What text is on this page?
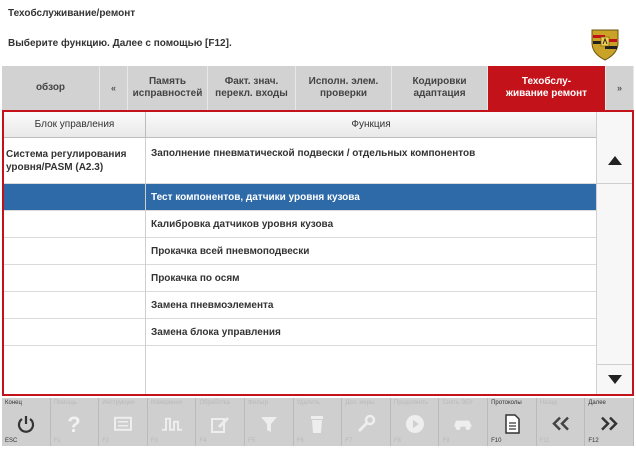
Техобслуживание/ремонт
Выберите функцию. Далее с помощью [F12].
обзор	«
Память
исправностей
Факт. знач.
перекл. входы
Исполн. элем.
проверки
Кодировки
адаптация
Техобслу-
живание ремонт
»
Блок управления	Функция
Заполнение пневматической подвески / отдельных компонентов
Тест компонентов, датчики уровня кузова
Калибровка датчиков уровня кузова
Прокачка всей пневмоподвески
Прокачка по осям
Замена пневмоэлемента
Замена блока управления
Система регулирования уровня/PASM (A2.3)
Конец
ESC
Помощь
?
F1
Инструкции
F2
Измерения
F3
Обработка
F4
Фильтр
F5
Удалить
F6
Доп. меры
F7
Продолжить
F8
Снять ЭБУ
F9
Протоколы
F10
Назад
F11
Далее
F12
